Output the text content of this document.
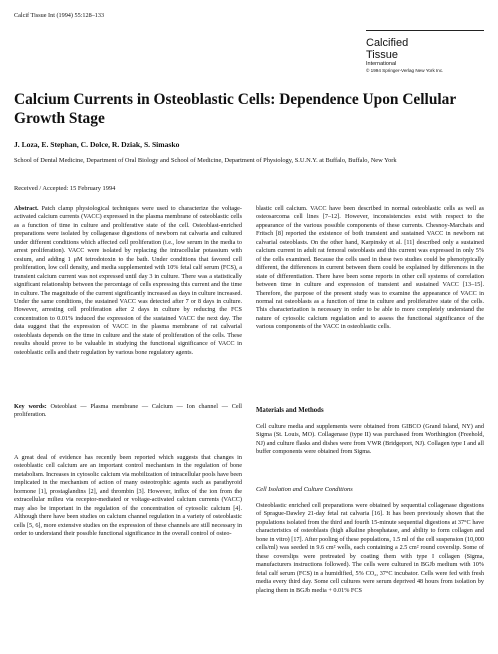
Calcif Tissue Int (1994) 55:128–133
Calcified
Tissue
International
© 1994 Springer-Verlag New York Inc.
Calcium Currents in Osteoblastic Cells: Dependence Upon Cellular Growth Stage
J. Loza, E. Stephan, C. Dolce, R. Dziak, S. Simasko
School of Dental Medicine, Department of Oral Biology and School of Medicine, Department of Physiology, S.U.N.Y. at Buffalo, Buffalo, New York
Received / Accepted: 15 February 1994

Abstract. Patch clamp physiological techniques were used to characterize the voltage-activated calcium currents (VACC) expressed in the plasma membrane of osteoblastic cells as a function of time in culture and proliferative state of the cell. Osteoblast-enriched preparations were isolated by collagenase digestions of newborn rat calvaria and cultured under different conditions which affected cell proliferation (i.e., low serum in the media to arrest proliferation). VACC were isolated by replacing the intracellular potassium with cesium, and adding 1 μM tetrodotoxin to the bath. Under conditions that favored cell proliferation, low cell density, and media supplemented with 10% fetal calf serum (FCS), a transient calcium current was not expressed until day 3 in culture. There was a statistically significant relationship between the percentage of cells expressing this current and the time in culture. The magnitude of the current significantly increased as days in culture increased. Under the same conditions, the sustained VACC was detected after 7 or 8 days in culture. However, arresting cell proliferation after 2 days in culture by reducing the FCS concentration to 0.01% induced the expression of the sustained VACC the next day. The data suggest that the expression of VACC in the plasma membrane of rat calvarial osteoblasts depends on the time in culture and the state of proliferation of the cells. These results should prove to be valuable in studying the functional significance of VACC in osteoblastic cells and their regulation by various bone regulatory agents.

Key words: Osteoblast — Plasma membrane — Calcium — Ion channel — Cell proliferation.

A great deal of evidence has recently been reported which suggests that changes in osteoblastic cell calcium are an important control mechanism in the regulation of bone metabolism. Increases in cytosolic calcium via mobilization of intracellular pools have been implicated in the mechanism of action of many osteotrophic agents such as parathyroid hormone [1], prostaglandins [2], and thrombin [3]. However, influx of the ion from the extracellular milieu via receptor-mediated or voltage-activated calcium currents (VACC) may also be important in the regulation of the concentration of cytosolic calcium [4]. Although there have been studies on calcium channel regulation in a variety of osteoblastic cells [5, 6], more extensive studies on the expression of these channels are still necessary in order to understand their possible functional significance in the overall control of osteo-

blastic cell calcium. VACC have been described in normal osteoblastic cells as well as osteosarcoma cell lines [7–12]. However, inconsistencies exist with respect to the appearance of the various possible components of these currents. Chesnoy-Marchais and Fritsch [8] reported the existence of both transient and sustained VACC in newborn rat calvarial osteoblasts. On the other hand, Karpinsky et al. [11] described only a sustained calcium current in adult rat femoral osteoblasts and this current was expressed in only 5% of the cells examined. Because the cells used in these two studies could be phenotypically different, the differences in current between them could be explained by differences in the state of differentiation. There have been some reports in other cell systems of correlation between time in culture and expression of transient and sustained VACC [13–15]. Therefore, the purpose of the present study was to examine the appearance of VACC in normal rat osteoblasts as a function of time in culture and proliferative state of the cells. This characterization is necessary in order to be able to more completely understand the nature of cytosolic calcium regulation and to assess the functional significance of the various components of the VACC in osteoblastic cells.

Materials and Methods

Cell culture media and supplements were obtained from GIBCO (Grand Island, NY) and Sigma (St. Louis, MO). Collagenase (type II) was purchased from Worthington (Freehold, NJ) and culture flasks and dishes were from VWR (Bridgeport, NJ). Collagen type I and all buffer components were obtained from Sigma.

Cell Isolation and Culture Conditions

Osteoblastic enriched cell preparations were obtained by sequential collagenase digestions of Sprague-Dawley 21-day fetal rat calvaria [16]. It has been previously shown that the populations isolated from the third and fourth 15-minute sequential digestions at 37°C have characteristics of osteoblasts (high alkaline phosphatase, and ability to form collagen and bone in vitro) [17]. After pooling of these populations, 1.5 ml of the cell suspension (10,000 cells/ml) was seeded in 9.6 cm² wells, each containing a 2.5 cm² round coverslip. Some of these coverslips were pretreated by coating them with type I collagen (Sigma, manufacturers instructions followed). The cells were cultured in BGJb medium with 10% fetal calf serum (FCS) in a humidified, 5% CO₂, 37°C incubator. Cells were fed with fresh media every third day. Some cell cultures were serum deprived 48 hours from isolation by placing them in BGJb media + 0.01% FCS
